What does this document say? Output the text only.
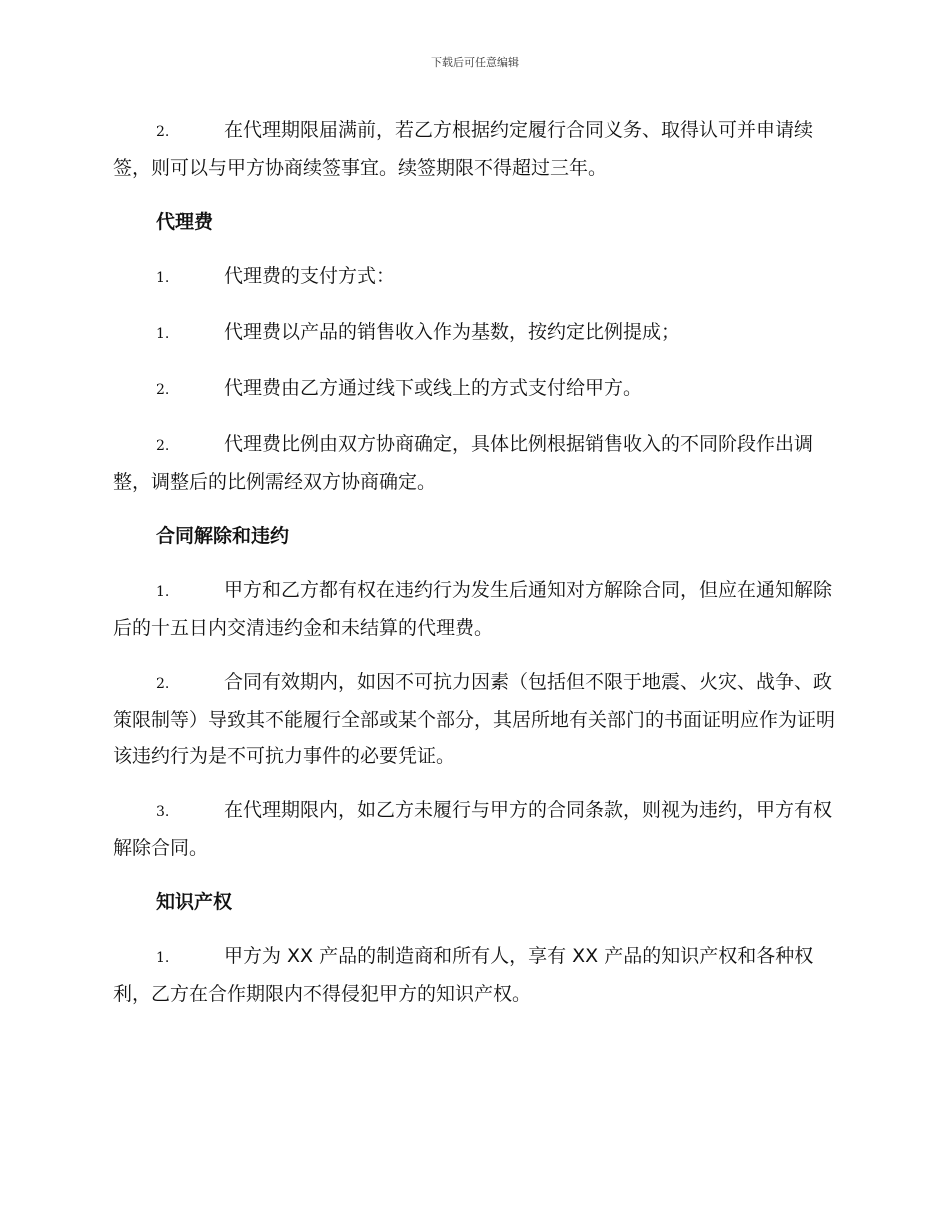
下载后可任意编辑

2.	在代理期限届满前，若乙方根据约定履行合同义务、取得认可并申请续签，则可以与甲方协商续签事宜。续签期限不得超过三年。

代理费

1.	代理费的支付方式：

1.	代理费以产品的销售收入作为基数，按约定比例提成；

2.	代理费由乙方通过线下或线上的方式支付给甲方。

2.	代理费比例由双方协商确定，具体比例根据销售收入的不同阶段作出调整，调整后的比例需经双方协商确定。

合同解除和违约

1.	甲方和乙方都有权在违约行为发生后通知对方解除合同，但应在通知解除后的十五日内交清违约金和未结算的代理费。

2.	合同有效期内，如因不可抗力因素（包括但不限于地震、火灾、战争、政策限制等）导致其不能履行全部或某个部分，其居所地有关部门的书面证明应作为证明该违约行为是不可抗力事件的必要凭证。

3.	在代理期限内，如乙方未履行与甲方的合同条款，则视为违约，甲方有权解除合同。

知识产权

1.	甲方为 XX 产品的制造商和所有人，享有 XX 产品的知识产权和各种权利，乙方在合作期限内不得侵犯甲方的知识产权。
